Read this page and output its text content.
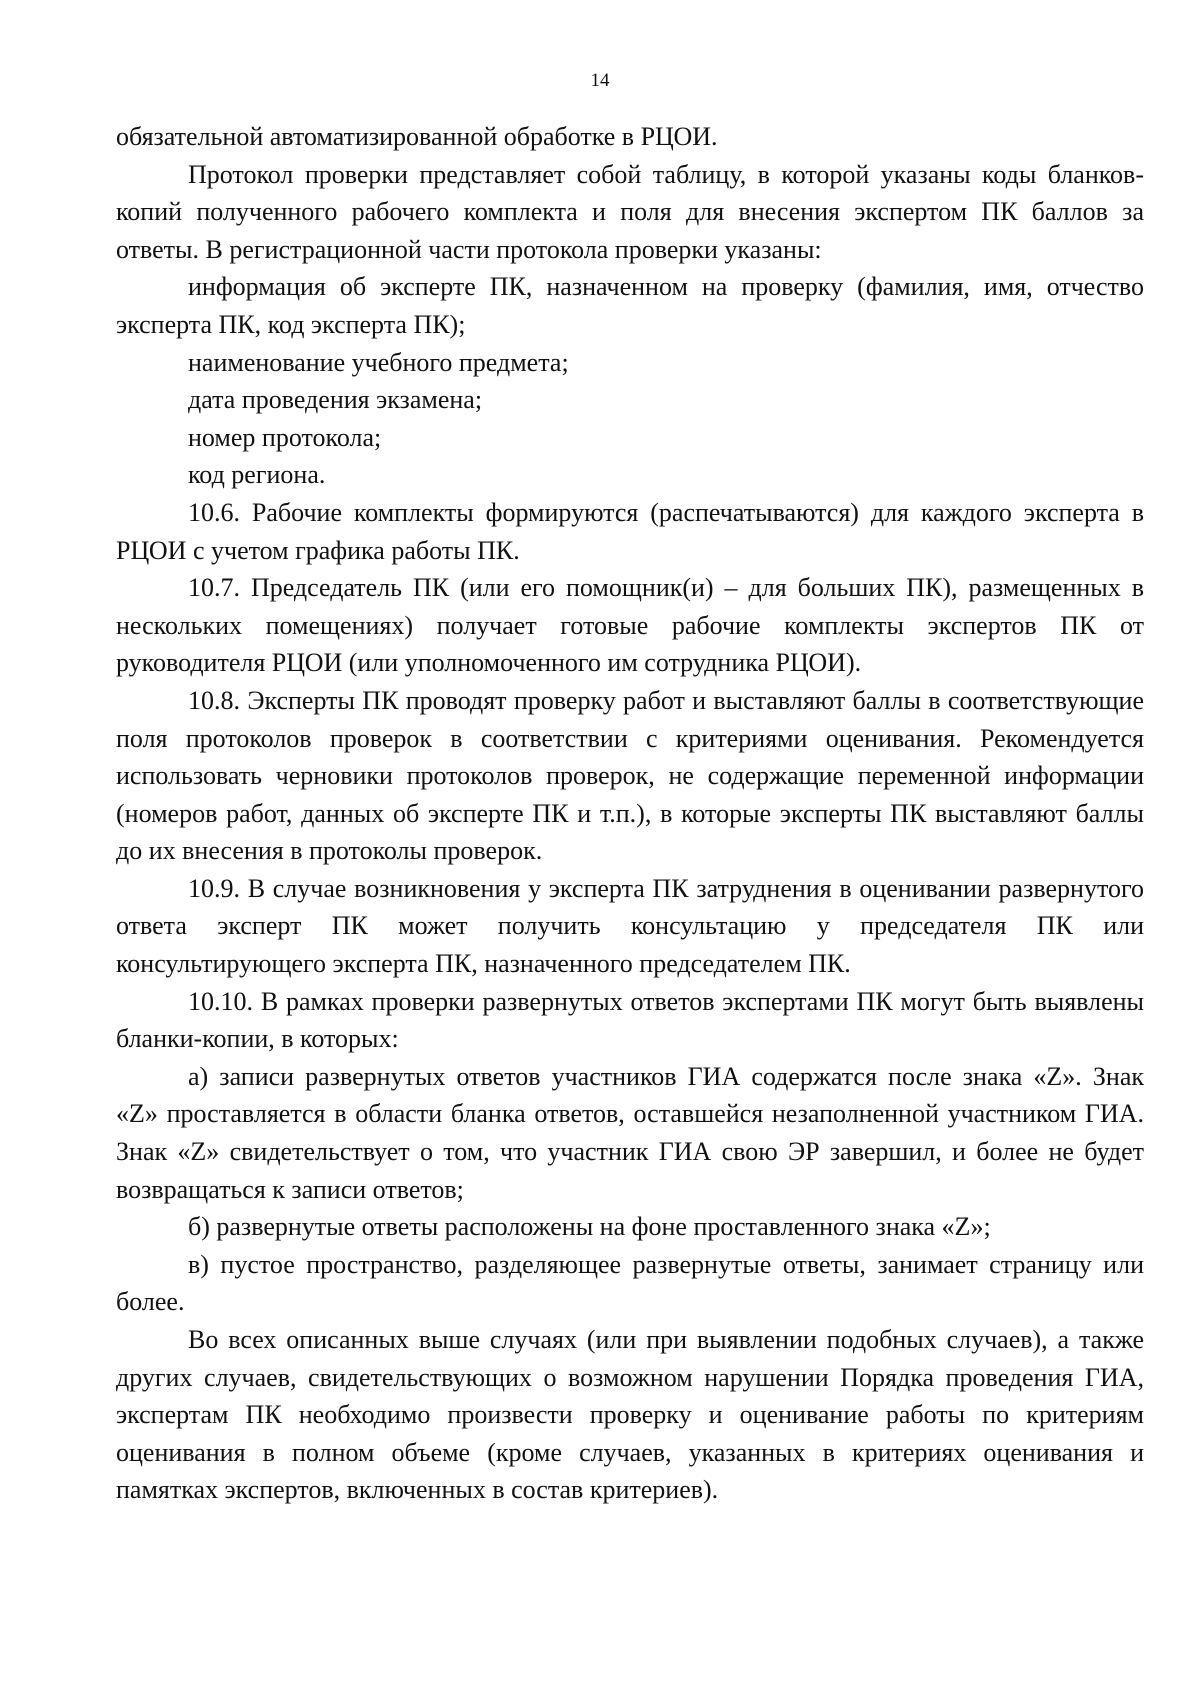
14

обязательной автоматизированной обработке в РЦОИ.

Протокол проверки представляет собой таблицу, в которой указаны коды бланков-копий полученного рабочего комплекта и поля для внесения экспертом ПК баллов за ответы. В регистрационной части протокола проверки указаны:

информация об эксперте ПК, назначенном на проверку (фамилия, имя, отчество эксперта ПК, код эксперта ПК);

наименование учебного предмета;

дата проведения экзамена;

номер протокола;

код региона.

10.6. Рабочие комплекты формируются (распечатываются) для каждого эксперта в РЦОИ с учетом графика работы ПК.

10.7. Председатель ПК (или его помощник(и) – для больших ПК), размещенных в нескольких помещениях) получает готовые рабочие комплекты экспертов ПК от руководителя РЦОИ (или уполномоченного им сотрудника РЦОИ).

10.8. Эксперты ПК проводят проверку работ и выставляют баллы в соответствующие поля протоколов проверок в соответствии с критериями оценивания. Рекомендуется использовать черновики протоколов проверок, не содержащие переменной информации (номеров работ, данных об эксперте ПК и т.п.), в которые эксперты ПК выставляют баллы до их внесения в протоколы проверок.

10.9. В случае возникновения у эксперта ПК затруднения в оценивании развернутого ответа эксперт ПК может получить консультацию у председателя ПК или консультирующего эксперта ПК, назначенного председателем ПК.

10.10. В рамках проверки развернутых ответов экспертами ПК могут быть выявлены бланки-копии, в которых:

а) записи развернутых ответов участников ГИА содержатся после знака «Z». Знак «Z» проставляется в области бланка ответов, оставшейся незаполненной участником ГИА. Знак «Z» свидетельствует о том, что участник ГИА свою ЭР завершил, и более не будет возвращаться к записи ответов;

б) развернутые ответы расположены на фоне проставленного знака «Z»;

в) пустое пространство, разделяющее развернутые ответы, занимает страницу или более.

Во всех описанных выше случаях (или при выявлении подобных случаев), а также других случаев, свидетельствующих о возможном нарушении Порядка проведения ГИА, экспертам ПК необходимо произвести проверку и оценивание работы по критериям оценивания в полном объеме (кроме случаев, указанных в критериях оценивания и памятках экспертов, включенных в состав критериев).
